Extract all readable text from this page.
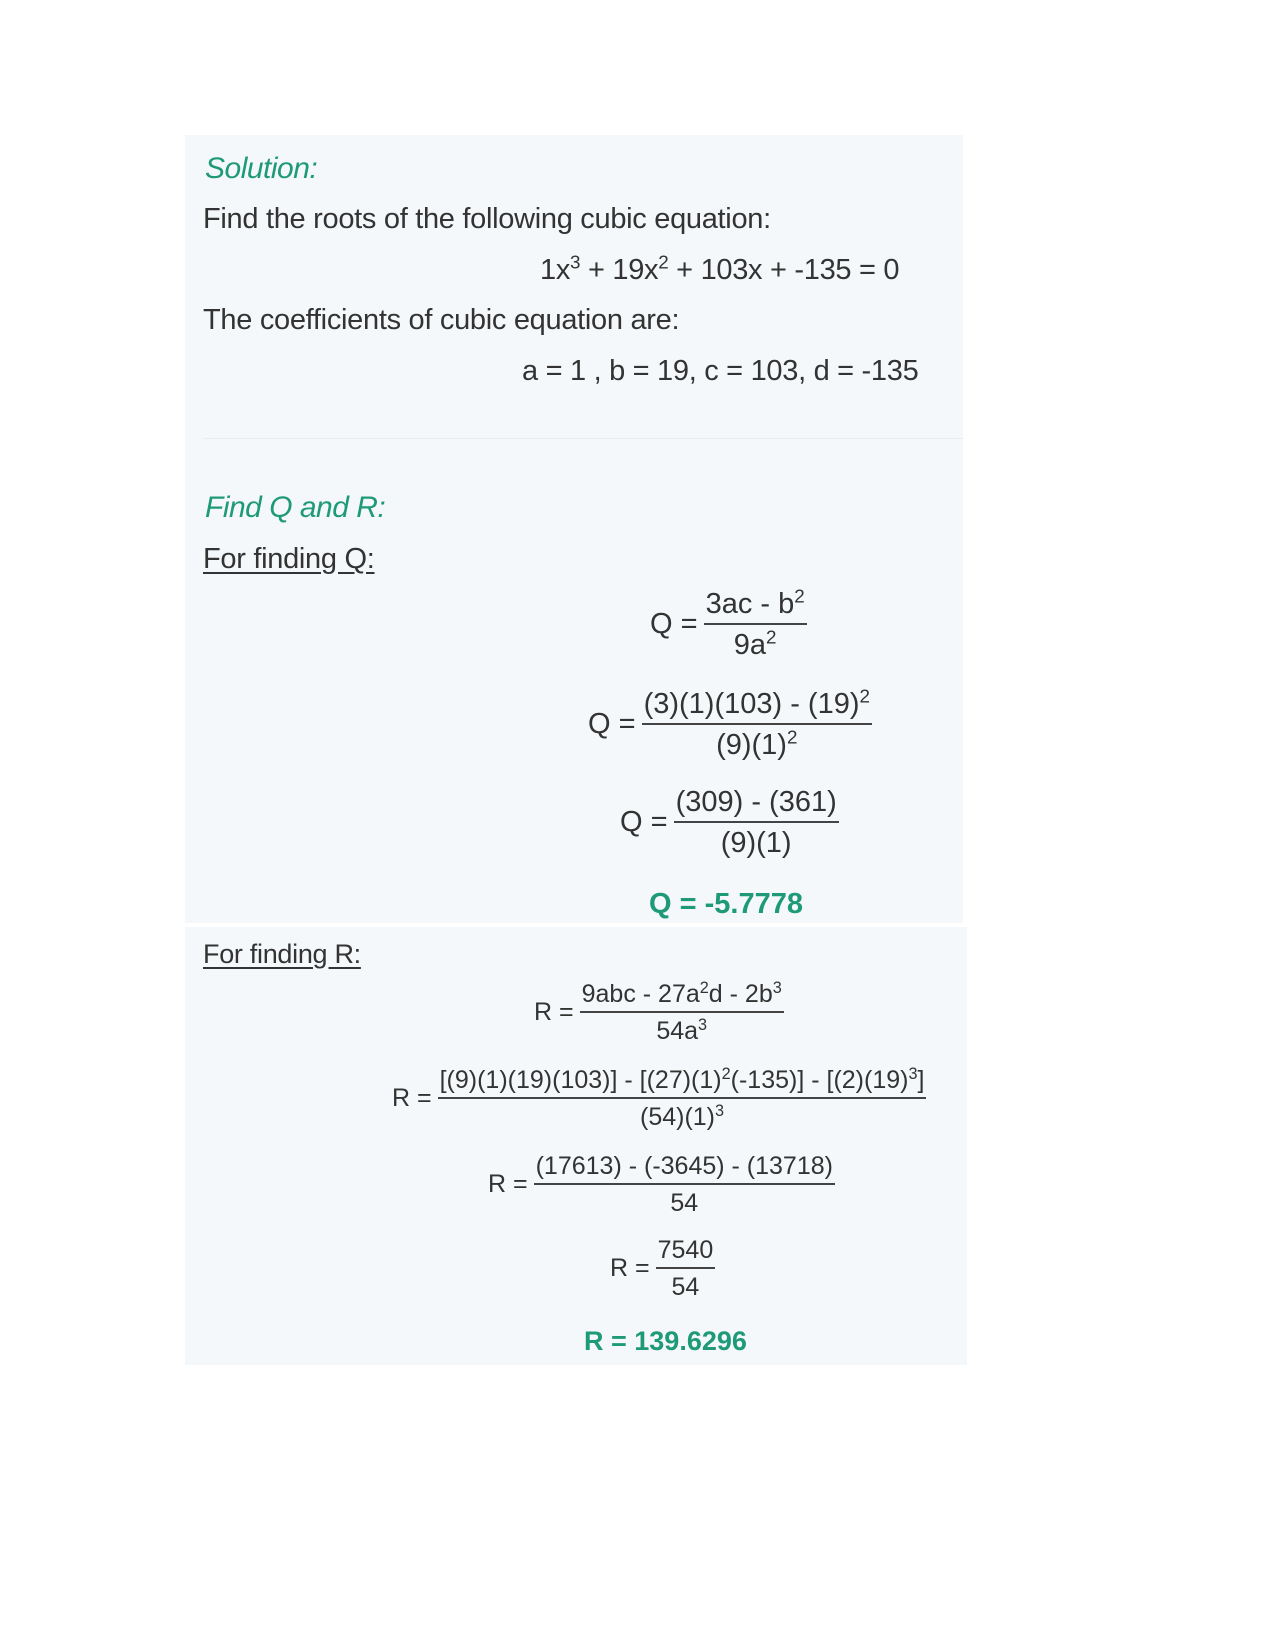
Solution:
Find the roots of the following cubic equation:
$1x^3 + 19x^2 + 103x + -135 = 0$
The coefficients of cubic equation are:
a = 1 , b = 19, c = 103, d = -135
Find Q and R:
For finding Q:
$Q = \frac{3ac - b^2}{9a^2}$
$Q = \frac{(3)(1)(103) - (19)^2}{(9)(1)^2}$
$Q = \frac{(309) - (361)}{(9)(1)}$
Q = -5.7778
For finding R:
$R = \frac{9abc - 27a^2d - 2b^3}{54a^3}$
$R = \frac{[(9)(1)(19)(103)] - [(27)(1)^2(-135)] - [(2)(19)^3]}{(54)(1)^3}$
$R = \frac{(17613) - (-3645) - (13718)}{54}$
$R = \frac{7540}{54}$
R = 139.6296
